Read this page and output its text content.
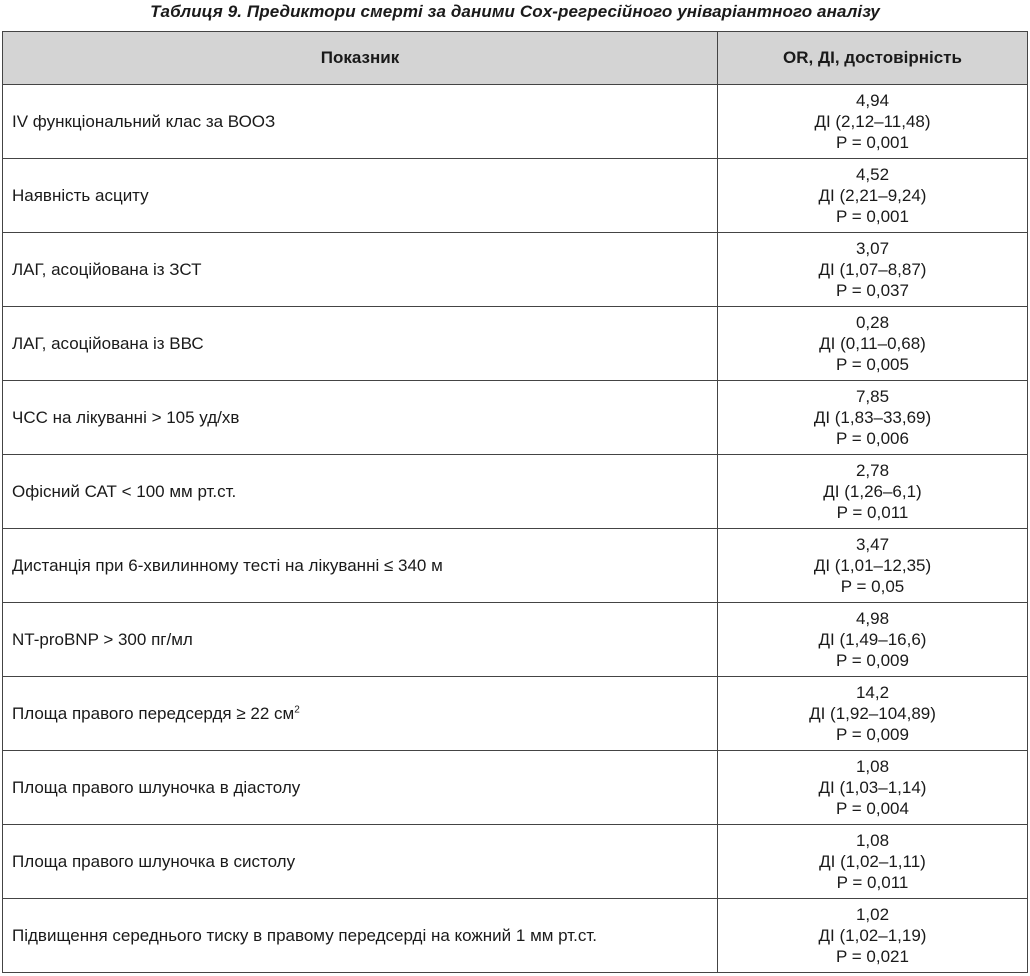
Таблиця 9. Предиктори смерті за даними Cox-регресійного уніваріантного аналізу
Показник	OR, ДІ, достовірність
IV функціональний клас за ВООЗ	4,94
ДІ (2,12–11,48)
P = 0,001

Наявність асциту	4,52
ДІ (2,21–9,24)
P = 0,001

ЛАГ, асоційована із ЗСТ	3,07
ДІ (1,07–8,87)
P = 0,037

ЛАГ, асоційована із ВВС	0,28
ДІ (0,11–0,68)
P = 0,005

ЧСС на лікуванні > 105 уд/хв	7,85
ДІ (1,83–33,69)
P = 0,006

Офісний САТ < 100 мм рт.ст.	2,78
ДІ (1,26–6,1)
P = 0,011

Дистанція при 6-хвилинному тесті на лікуванні ≤ 340 м	3,47
ДІ (1,01–12,35)
P = 0,05

NT-proBNP > 300 пг/мл	4,98
ДІ (1,49–16,6)
P = 0,009

Площа правого передсердя ≥ 22 $см^2$	14,2
ДІ (1,92–104,89)
P = 0,009

Площа правого шлуночка в діастолу	1,08
ДІ (1,03–1,14)
P = 0,004

Площа правого шлуночка в систолу	1,08
ДІ (1,02–1,11)
P = 0,011

Підвищення середнього тиску в правому передсерді на кожний 1 мм рт.ст.	1,02
ДІ (1,02–1,19)
P = 0,021
